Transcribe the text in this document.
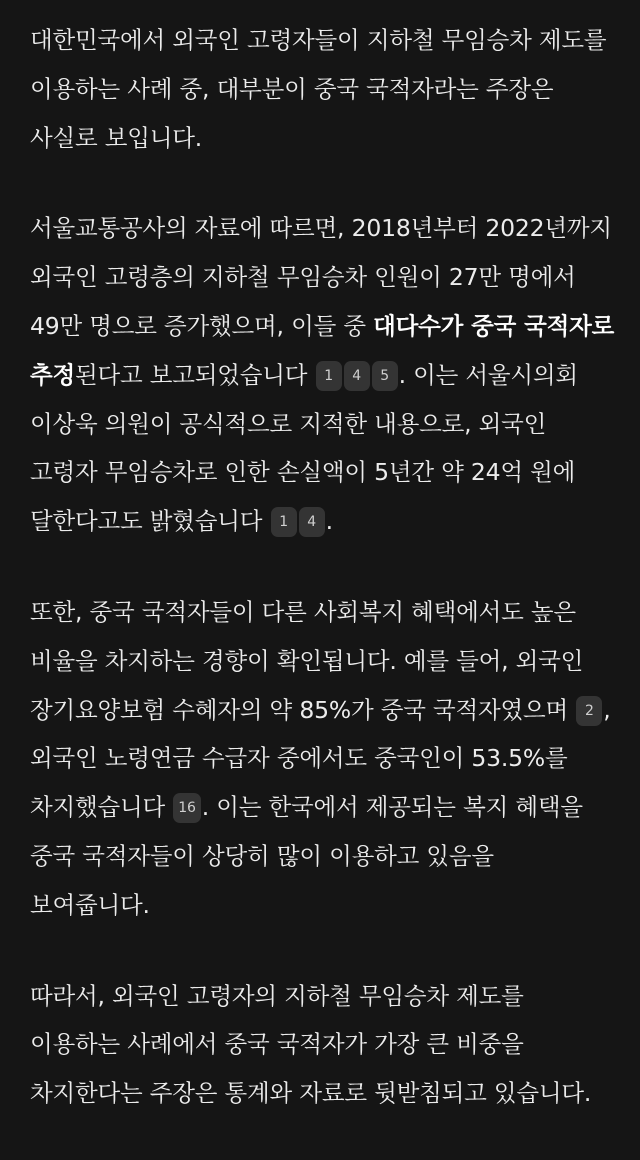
대한민국에서 외국인 고령자들이 지하철 무임승차 제도를 이용하는 사례 중, 대부분이 중국 국적자라는 주장은 사실로 보입니다.

서울교통공사의 자료에 따르면, 2018년부터 2022년까지 외국인 고령층의 지하철 무임승차 인원이 27만 명에서 49만 명으로 증가했으며, 이들 중 대다수가 중국 국적자로 추정된다고 보고되었습니다 1 4 5 . 이는 서울시의회 이상욱 의원이 공식적으로 지적한 내용으로, 외국인 고령자 무임승차로 인한 손실액이 5년간 약 24억 원에 달한다고도 밝혔습니다 1 4 .

또한, 중국 국적자들이 다른 사회복지 혜택에서도 높은 비율을 차지하는 경향이 확인됩니다. 예를 들어, 외국인 장기요양보험 수혜자의 약 85%가 중국 국적자였으며 2 , 외국인 노령연금 수급자 중에서도 중국인이 53.5%를 차지했습니다 16 . 이는 한국에서 제공되는 복지 혜택을 중국 국적자들이 상당히 많이 이용하고 있음을 보여줍니다.

따라서, 외국인 고령자의 지하철 무임승차 제도를 이용하는 사례에서 중국 국적자가 가장 큰 비중을 차지한다는 주장은 통계와 자료로 뒷받침되고 있습니다.
